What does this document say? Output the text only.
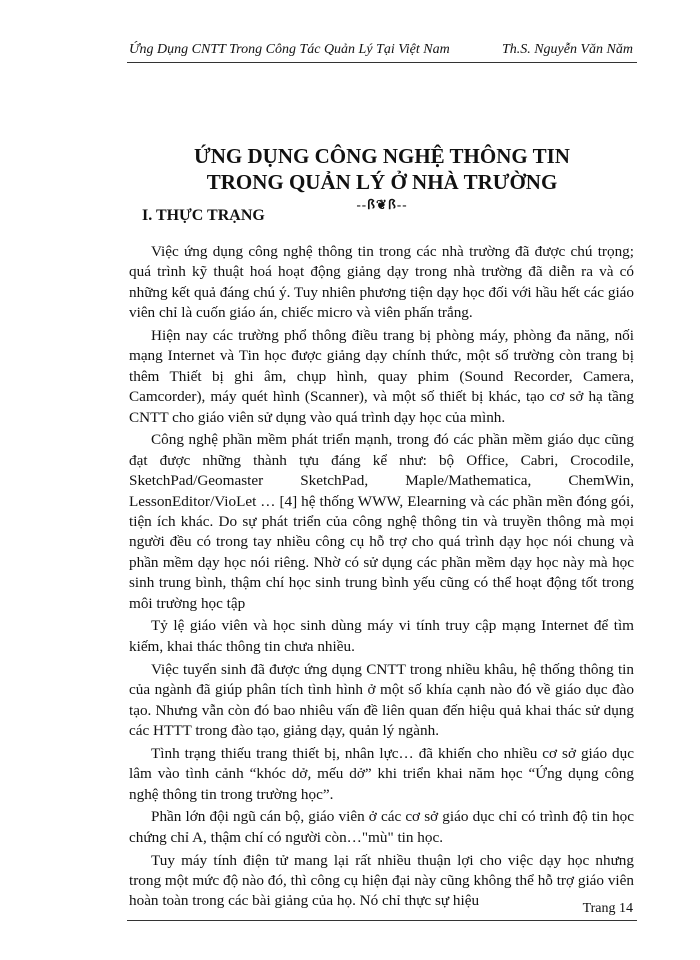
Ứng Dụng CNTT Trong Công Tác Quản Lý Tại Việt Nam	Th.S. Nguyễn Văn Năm
ỨNG DỤNG CÔNG NGHỆ THÔNG TIN
TRONG QUẢN LÝ Ở NHÀ TRƯỜNG
--ꟗ❦ꟗ--
I. THỰC TRẠNG

Việc ứng dụng công nghệ thông tin trong các nhà trường đã được chú trọng; quá trình kỹ thuật hoá hoạt động giảng dạy trong nhà trường đã diễn ra và có những kết quả đáng chú ý. Tuy nhiên phương tiện dạy học đối với hầu hết các giáo viên chỉ là cuốn giáo án, chiếc micro và viên phấn trắng.

Hiện nay các trường phổ thông điều trang bị phòng máy, phòng đa năng, nối mạng Internet và Tin học được giảng dạy chính thức, một số trường còn trang bị thêm Thiết bị ghi âm, chụp hình, quay phim (Sound Recorder, Camera, Camcorder), máy quét hình (Scanner), và một số thiết bị khác, tạo cơ sở hạ tầng CNTT cho giáo viên sử dụng vào quá trình dạy học của mình.

Công nghệ phần mềm phát triển mạnh, trong đó các phần mềm giáo dục cũng đạt được những thành tựu đáng kể như: bộ Office, Cabri, Crocodile, SketchPad/Geomaster SketchPad, Maple/Mathematica, ChemWin, LessonEditor/VioLet … [4] hệ thống WWW, Elearning và các phần mền đóng gói, tiện ích khác. Do sự phát triển của công nghệ thông tin và truyền thông mà mọi người đều có trong tay nhiều công cụ hỗ trợ cho quá trình dạy học nói chung và phần mềm dạy học nói riêng. Nhờ có sử dụng các phần mềm dạy học này mà học sinh trung bình, thậm chí học sinh trung bình yếu cũng có thể hoạt động tốt trong môi trường học tập

Tỷ lệ giáo viên và học sinh dùng máy vi tính truy cập mạng Internet để tìm kiếm, khai thác thông tin chưa nhiều.

Việc tuyển sinh đã được ứng dụng CNTT trong nhiều khâu, hệ thống thông tin của ngành đã giúp phân tích tình hình ở một số khía cạnh nào đó về giáo dục đào tạo. Nhưng vẫn còn đó bao nhiêu vấn đề liên quan đến hiệu quả khai thác sử dụng các HTTT trong đào tạo, giảng dạy, quản lý ngành.

Tình trạng thiếu trang thiết bị, nhân lực… đã khiến cho nhiều cơ sở giáo dục lâm vào tình cảnh “khóc dở, mếu dở” khi triển khai năm học “Ứng dụng công nghệ thông tin trong trường học”.

Phần lớn đội ngũ cán bộ, giáo viên ở các cơ sở giáo dục chỉ có trình độ tin học chứng chỉ A, thậm chí có người còn…"mù" tin học.

Tuy máy tính điện tử mang lại rất nhiều thuận lợi cho việc dạy học nhưng trong một mức độ nào đó, thì công cụ hiện đại này cũng không thể hỗ trợ giáo viên hoàn toàn trong các bài giảng của họ. Nó chỉ thực sự hiệu	Trang 14
